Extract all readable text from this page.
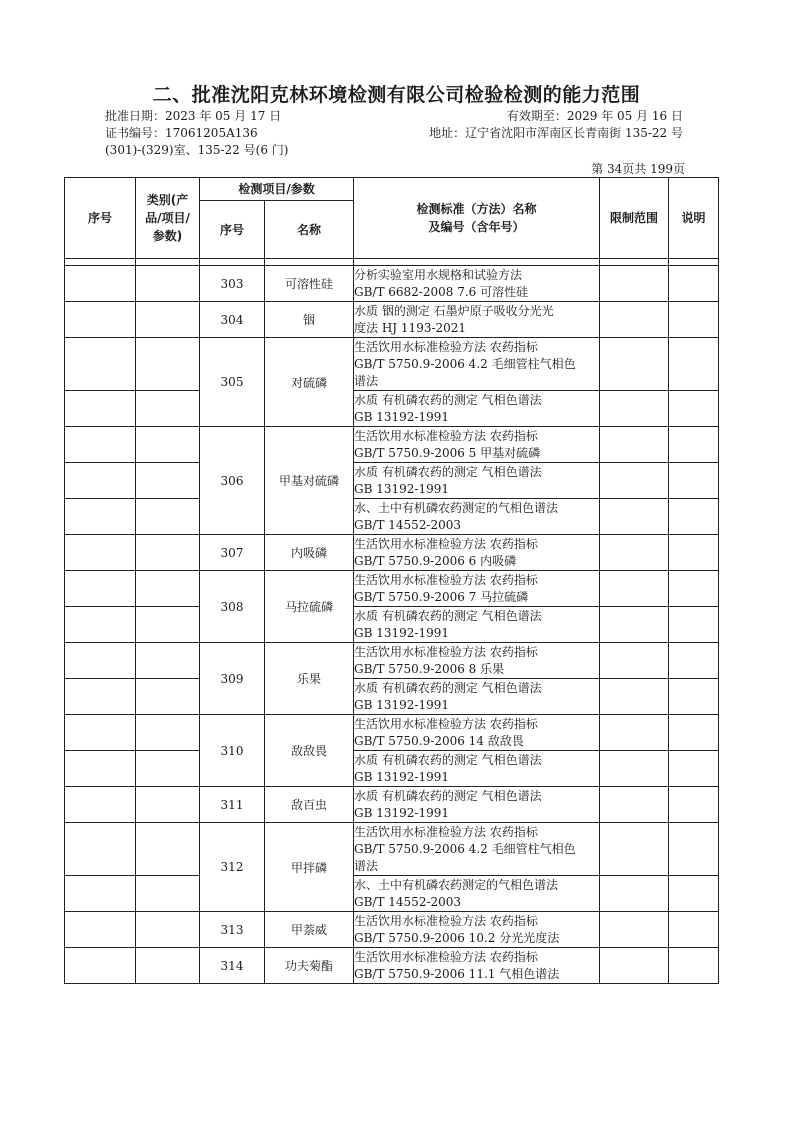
二、批准沈阳克林环境检测有限公司检验检测的能力范围
批准日期：2023 年 05 月 17 日	有效期至：2029 年 05 月 16 日
证书编号：17061205A136	地址：辽宁省沈阳市浑南区长青南街 135-22 号
(301)-(329)室、135-22 号(6 门)
第 34页共 199页
序号	类别(产品/项目/参数)	检测项目/参数		检测标准（方法）名称及编号（含年号）	限制范围	说明
		序号	名称			

		303	可溶性硅	分析实验室用水规格和试验方法
GB/T 6682-2008 7.6 可溶性硅		

		304	铟	水质 铟的测定 石墨炉原子吸收分光光
度法 HJ 1193-2021		

		305	对硫磷	生活饮用水标准检验方法 农药指标
GB/T 5750.9-2006 4.2 毛细管柱气相色
谱法		

				水质 有机磷农药的测定 气相色谱法
GB 13192-1991		

		306	甲基对硫磷	生活饮用水标准检验方法 农药指标
GB/T 5750.9-2006 5 甲基对硫磷		

				水质 有机磷农药的测定 气相色谱法
GB 13192-1991		

				水、土中有机磷农药测定的气相色谱法
GB/T 14552-2003		

		307	内吸磷	生活饮用水标准检验方法 农药指标
GB/T 5750.9-2006 6 内吸磷		

		308	马拉硫磷	生活饮用水标准检验方法 农药指标
GB/T 5750.9-2006 7 马拉硫磷		

				水质 有机磷农药的测定 气相色谱法
GB 13192-1991		

		309	乐果	生活饮用水标准检验方法 农药指标
GB/T 5750.9-2006 8 乐果		

				水质 有机磷农药的测定 气相色谱法
GB 13192-1991		

		310	敌敌畏	生活饮用水标准检验方法 农药指标
GB/T 5750.9-2006 14 敌敌畏		

				水质 有机磷农药的测定 气相色谱法
GB 13192-1991		

		311	敌百虫	水质 有机磷农药的测定 气相色谱法
GB 13192-1991		

		312	甲拌磷	生活饮用水标准检验方法 农药指标
GB/T 5750.9-2006 4.2 毛细管柱气相色
谱法		

				水、土中有机磷农药测定的气相色谱法
GB/T 14552-2003		

		313	甲萘威	生活饮用水标准检验方法 农药指标
GB/T 5750.9-2006 10.2 分光光度法		

		314	功夫菊酯	生活饮用水标准检验方法 农药指标
GB/T 5750.9-2006 11.1 气相色谱法		
